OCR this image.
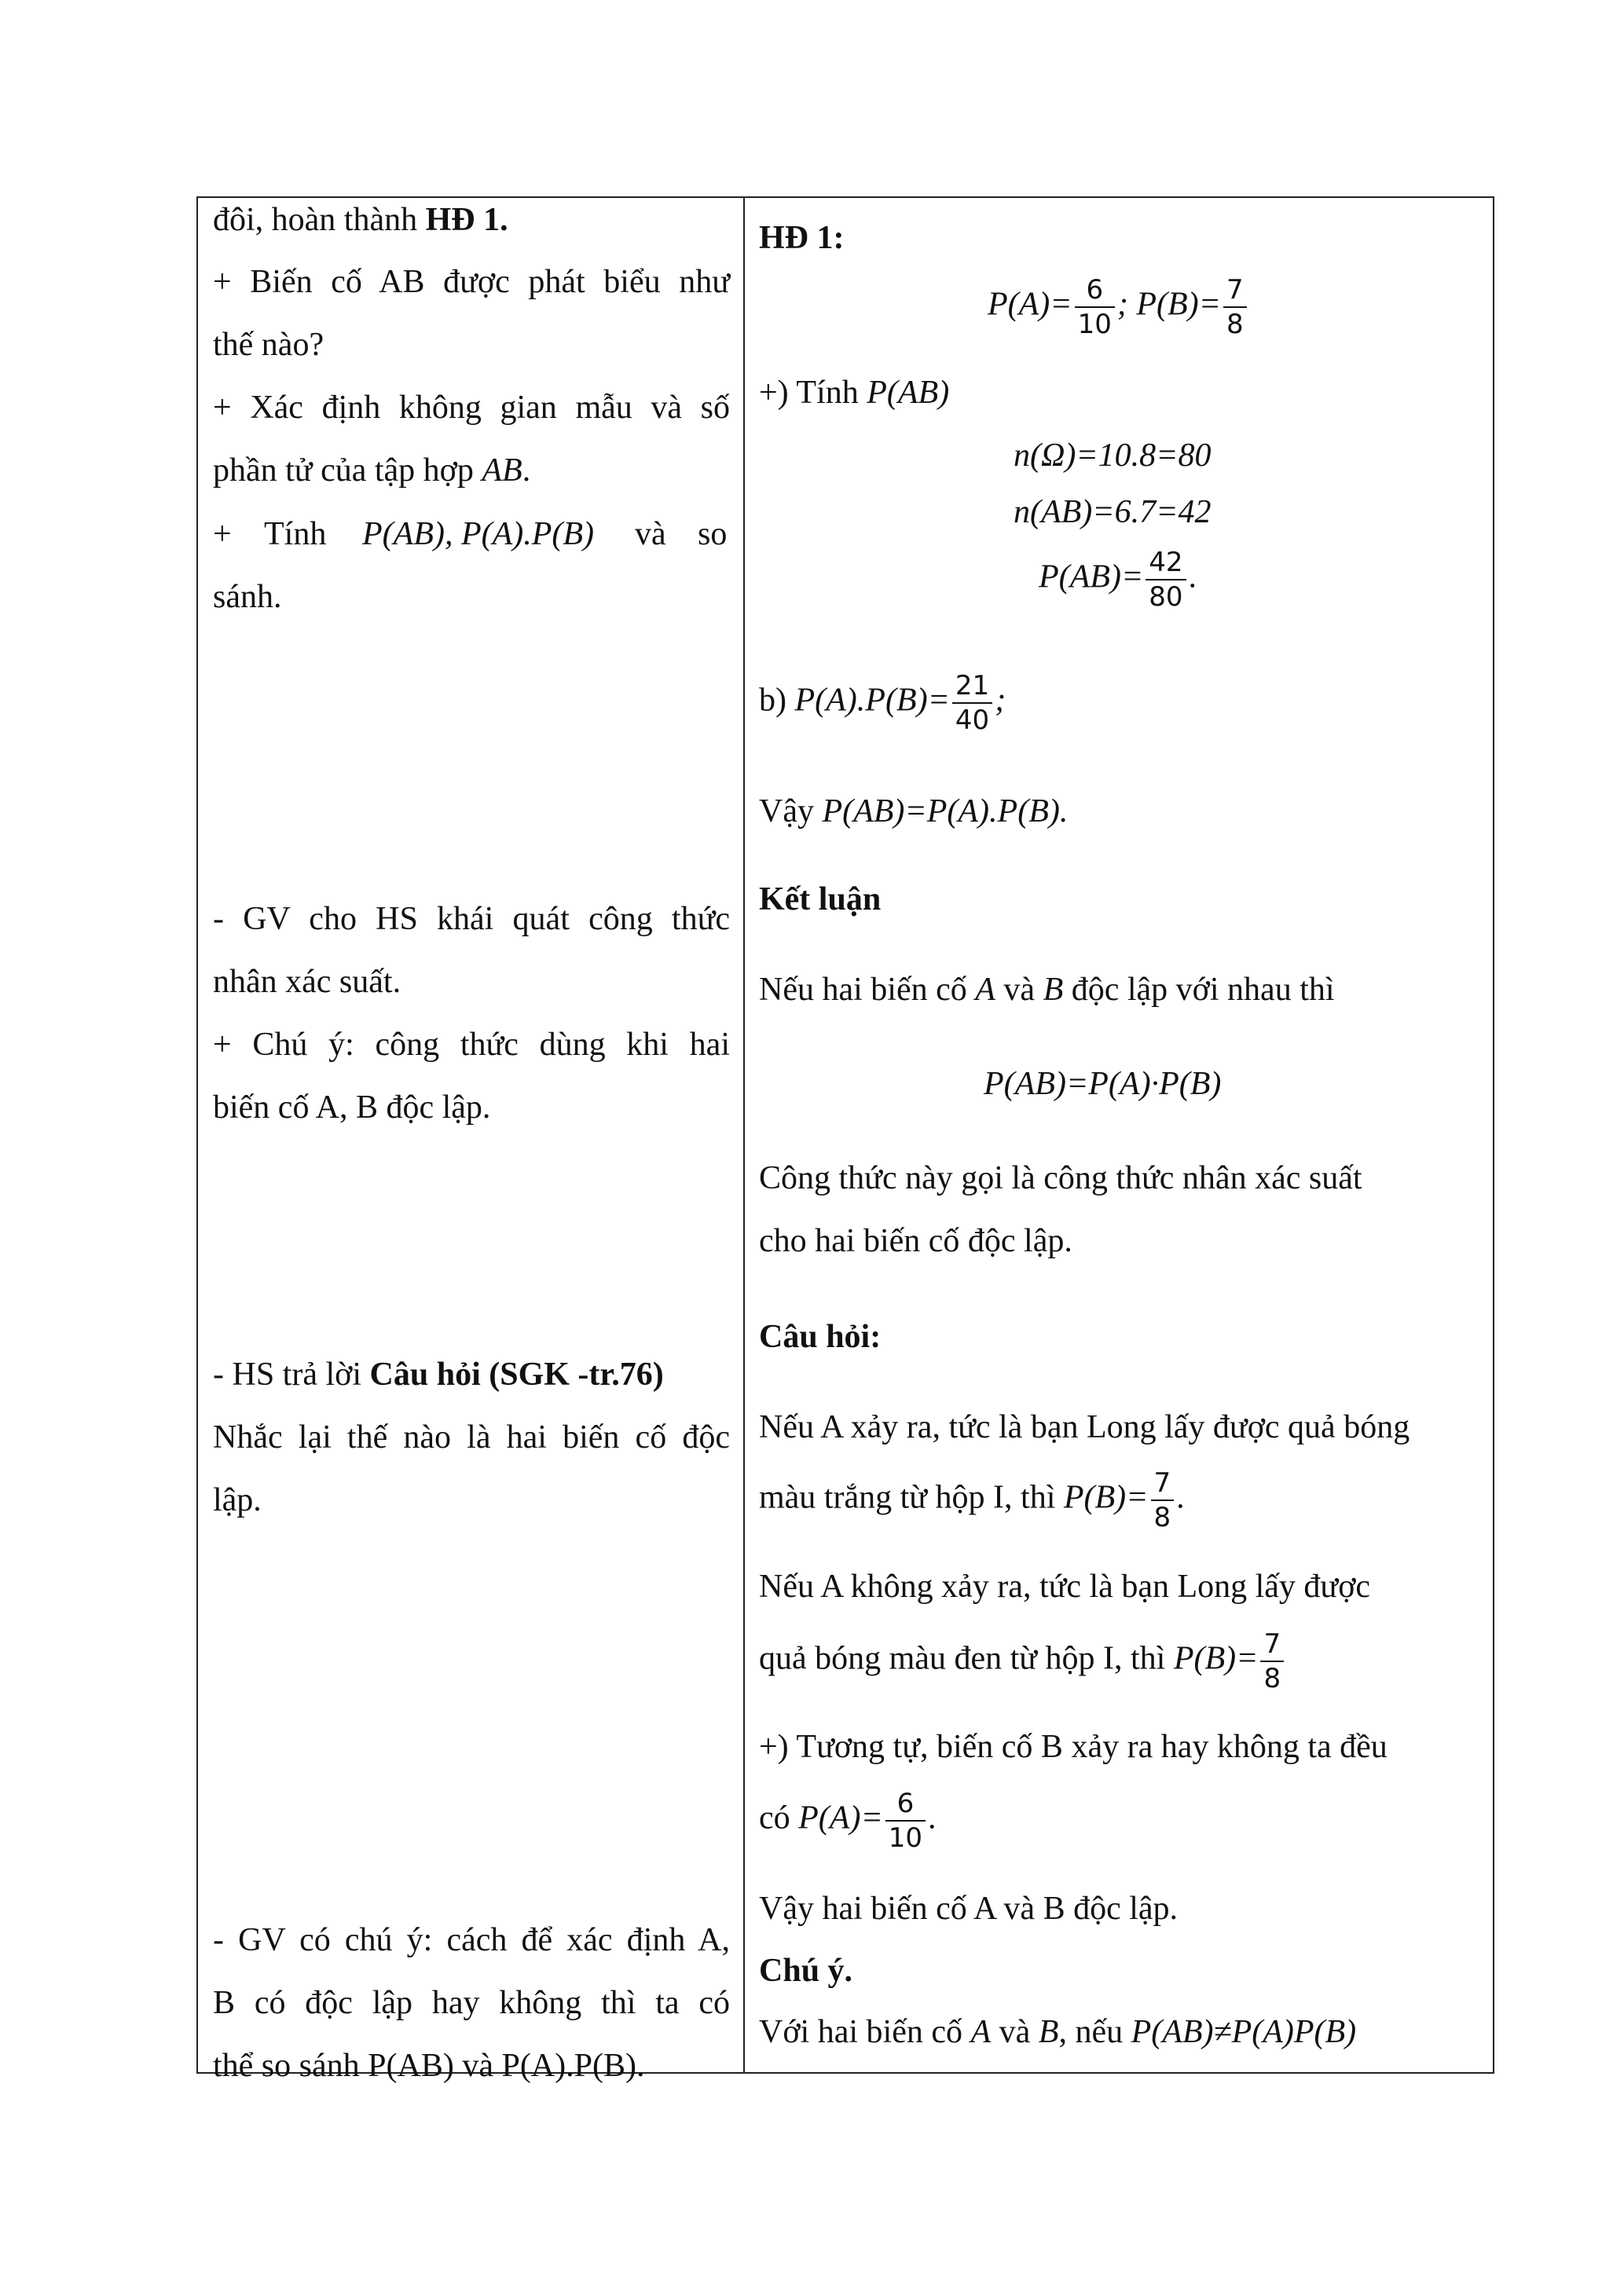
đôi, hoàn thành HĐ 1.
+ Biến cố AB được phát biểu như
thế nào?
+ Xác định không gian mẫu và số
phần tử của tập hợp AB.
+ Tính P(AB), P(A).P(B) và so
sánh.
- GV cho HS khái quát công thức
nhân xác suất.
+ Chú ý: công thức dùng khi hai
biến cố A, B độc lập.
- HS trả lời Câu hỏi (SGK -tr.76)
Nhắc lại thế nào là hai biến cố độc
lập.
- GV có chú ý: cách để xác định A,
B có độc lập hay không thì ta có
thể so sánh P(AB) và P(A).P(B).
HĐ 1:
$P(A)= \frac{6}{10}$ ; $P(B)= \frac{7}{8}$
+) Tính P(AB)
n(Ω)=10.8=80
n(AB)=6.7=42
$P(AB)= \frac{42}{80}$ .
b) $P(A).P(B)= \frac{21}{40}$ ;
Vậy P(AB)=P(A).P(B).
Kết luận
Nếu hai biến cố A và B độc lập với nhau thì
P(AB)=P(A)·P(B)
Công thức này gọi là công thức nhân xác suất
cho hai biến cố độc lập.
Câu hỏi:
Nếu A xảy ra, tức là bạn Long lấy được quả bóng
màu trắng từ hộp I, thì $P(B)= \frac{7}{8}$ .
Nếu A không xảy ra, tức là bạn Long lấy được
quả bóng màu đen từ hộp I, thì $P(B)= \frac{7}{8}$
+) Tương tự, biến cố B xảy ra hay không ta đều
có $P(A)= \frac{6}{10}$ .
Vậy hai biến cố A và B độc lập.
Chú ý.
Với hai biến cố A và B, nếu P(AB)≠P(A)P(B)
